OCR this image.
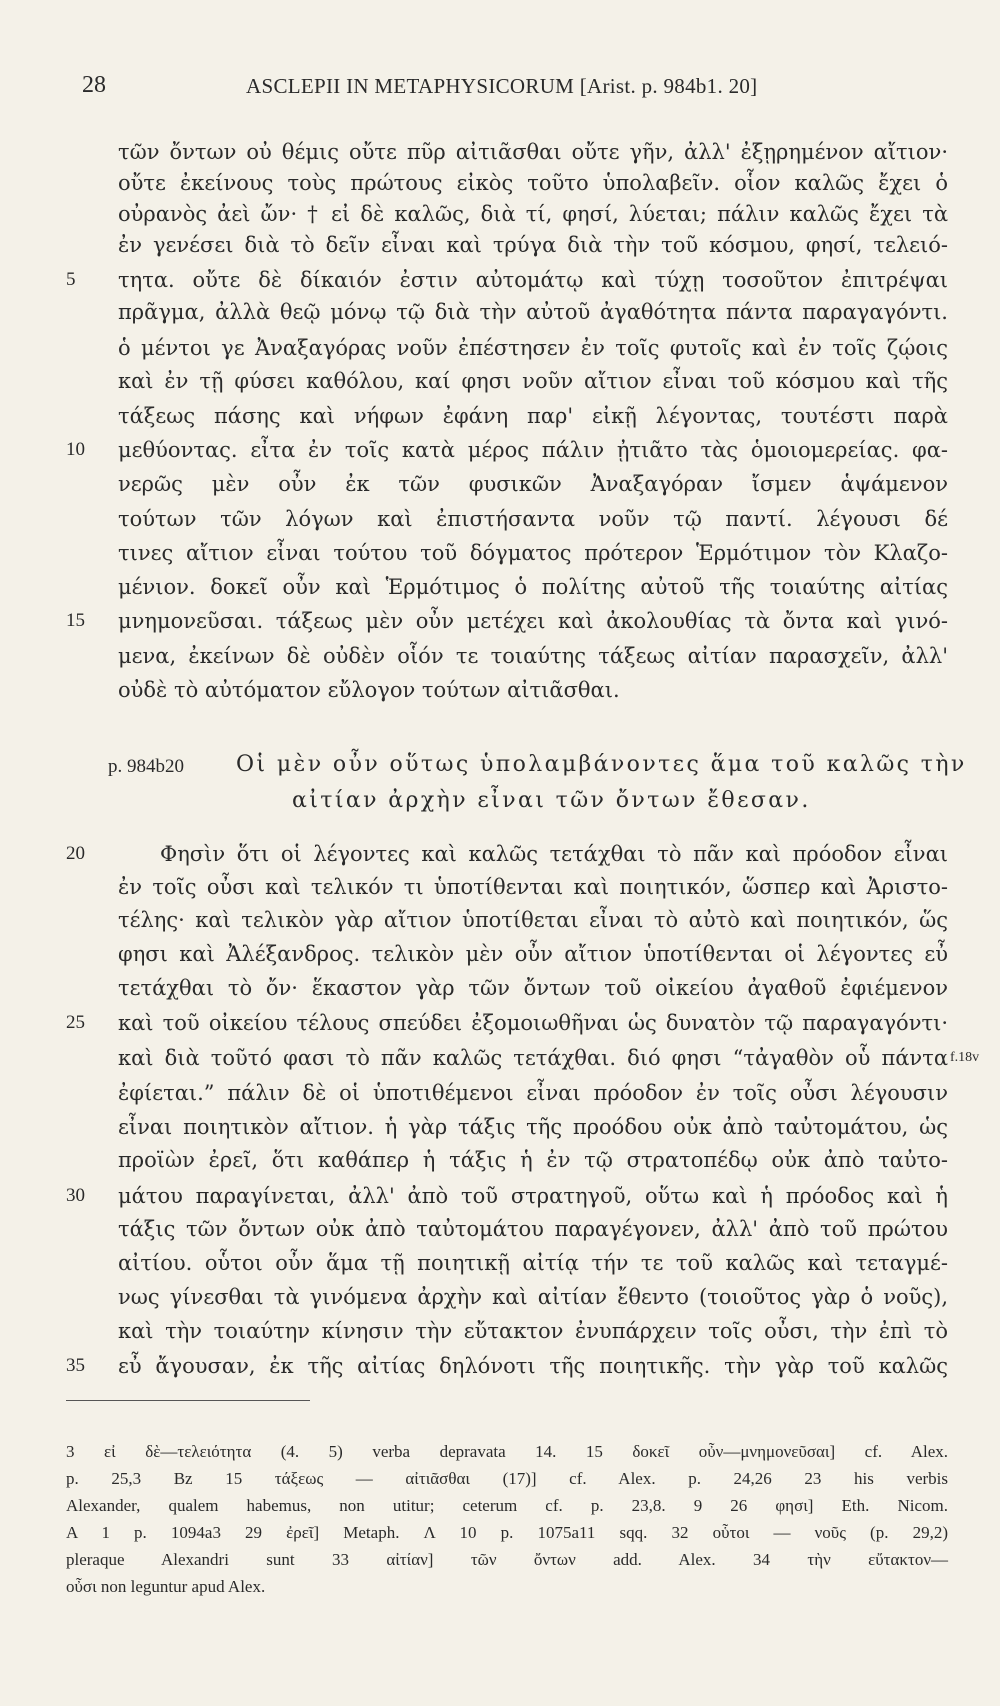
28	ASCLEPII IN METAPHYSICORUM [Arist. p. 984b1. 20]
τῶν ὄντων οὐ θέμις οὔτε πῦρ αἰτιᾶσθαι οὔτε γῆν, ἀλλ' ἐξῃρημένον αἴτιον·
οὔτε ἐκείνους τοὺς πρώτους εἰκὸς τοῦτο ὑπολαβεῖν. οἷον καλῶς ἔχει ὁ
οὐρανὸς ἀεὶ ὤν· † εἰ δὲ καλῶς, διὰ τί, φησί, λύεται; πάλιν καλῶς ἔχει τὰ
ἐν γενέσει διὰ τὸ δεῖν εἶναι καὶ τρύγα διὰ τὴν τοῦ κόσμου, φησί, τελειό-
τητα. οὔτε δὲ δίκαιόν ἐστιν αὐτομάτῳ καὶ τύχῃ τοσοῦτον ἐπιτρέψαι
πρᾶγμα, ἀλλὰ θεῷ μόνῳ τῷ διὰ τὴν αὐτοῦ ἀγαθότητα πάντα παραγαγόντι.
ὁ μέντοι γε Ἀναξαγόρας νοῦν ἐπέστησεν ἐν τοῖς φυτοῖς καὶ ἐν τοῖς ζῴοις
καὶ ἐν τῇ φύσει καθόλου, καί φησι νοῦν αἴτιον εἶναι τοῦ κόσμου καὶ τῆς
τάξεως πάσης καὶ νήφων ἐφάνη παρ' εἰκῇ λέγοντας, τουτέστι παρὰ
μεθύοντας. εἶτα ἐν τοῖς κατὰ μέρος πάλιν ᾐτιᾶτο τὰς ὁμοιομερείας. φα-
νερῶς μὲν οὖν ἐκ τῶν φυσικῶν Ἀναξαγόραν ἴσμεν ἁψάμενον
τούτων τῶν λόγων καὶ ἐπιστήσαντα νοῦν τῷ παντί. λέγουσι δέ
τινες αἴτιον εἶναι τούτου τοῦ δόγματος πρότερον Ἑρμότιμον τὸν Κλαζο-
μένιον. δοκεῖ οὖν καὶ Ἑρμότιμος ὁ πολίτης αὐτοῦ τῆς τοιαύτης αἰτίας
μνημονεῦσαι. τάξεως μὲν οὖν μετέχει καὶ ἀκολουθίας τὰ ὄντα καὶ γινό-
μενα, ἐκείνων δὲ οὐδὲν οἷόν τε τοιαύτης τάξεως αἰτίαν παρασχεῖν, ἀλλ'
οὐδὲ τὸ αὐτόματον εὔλογον τούτων αἰτιᾶσθαι.
5
10
15
p. 984b20 Οἱ μὲν οὖν οὕτως ὑπολαμβάνοντες ἅμα τοῦ καλῶς τὴν
αἰτίαν ἀρχὴν εἶναι τῶν ὄντων ἔθεσαν.
Φησὶν ὅτι οἱ λέγοντες καὶ καλῶς τετάχθαι τὸ πᾶν καὶ πρόοδον εἶναι
ἐν τοῖς οὖσι καὶ τελικόν τι ὑποτίθενται καὶ ποιητικόν, ὥσπερ καὶ Ἀριστο-
τέλης· καὶ τελικὸν γὰρ αἴτιον ὑποτίθεται εἶναι τὸ αὐτὸ καὶ ποιητικόν, ὥς
φησι καὶ Ἀλέξανδρος. τελικὸν μὲν οὖν αἴτιον ὑποτίθενται οἱ λέγοντες εὖ
τετάχθαι τὸ ὄν· ἕκαστον γὰρ τῶν ὄντων τοῦ οἰκείου ἀγαθοῦ ἐφιέμενον
καὶ τοῦ οἰκείου τέλους σπεύδει ἐξομοιωθῆναι ὡς δυνατὸν τῷ παραγαγόντι·
καὶ διὰ τοῦτό φασι τὸ πᾶν καλῶς τετάχθαι. διό φησι “τἀγαθὸν οὗ πάντα
ἐφίεται.” πάλιν δὲ οἱ ὑποτιθέμενοι εἶναι πρόοδον ἐν τοῖς οὖσι λέγουσιν
εἶναι ποιητικὸν αἴτιον. ἡ γὰρ τάξις τῆς προόδου οὐκ ἀπὸ ταὐτομάτου, ὡς
προϊὼν ἐρεῖ, ὅτι καθάπερ ἡ τάξις ἡ ἐν τῷ στρατοπέδῳ οὐκ ἀπὸ ταὐτο-
μάτου παραγίνεται, ἀλλ' ἀπὸ τοῦ στρατηγοῦ, οὕτω καὶ ἡ πρόοδος καὶ ἡ
τάξις τῶν ὄντων οὐκ ἀπὸ ταὐτομάτου παραγέγονεν, ἀλλ' ἀπὸ τοῦ πρώτου
αἰτίου. οὗτοι οὖν ἅμα τῇ ποιητικῇ αἰτίᾳ τήν τε τοῦ καλῶς καὶ τεταγμέ-
νως γίνεσθαι τὰ γινόμενα ἀρχὴν καὶ αἰτίαν ἔθεντο (τοιοῦτος γὰρ ὁ νοῦς),
καὶ τὴν τοιαύτην κίνησιν τὴν εὔτακτον ἐνυπάρχειν τοῖς οὖσι, τὴν ἐπὶ τὸ
εὖ ἄγουσαν, ἐκ τῆς αἰτίας δηλόνοτι τῆς ποιητικῆς. τὴν γὰρ τοῦ καλῶς
20
25
30
35
f.18v
3 εἰ δὲ—τελειότητα (4. 5) verba depravata 14. 15 δοκεῖ οὖν—μνημονεῦσαι] cf. Alex.
p. 25,3 Bz 15 τάξεως — αἰτιᾶσθαι (17)] cf. Alex. p. 24,26 23 his verbis
Alexander, qualem habemus, non utitur; ceterum cf. p. 23,8. 9 26 φησι] Eth. Nicom.
A 1 p. 1094a3 29 ἐρεῖ] Metaph. Λ 10 p. 1075a11 sqq. 32 οὗτοι — νοῦς (p. 29,2)
pleraque Alexandri sunt 33 αἰτίαν] τῶν ὄντων add. Alex. 34 τὴν εὔτακτον—
οὖσι non leguntur apud Alex.
